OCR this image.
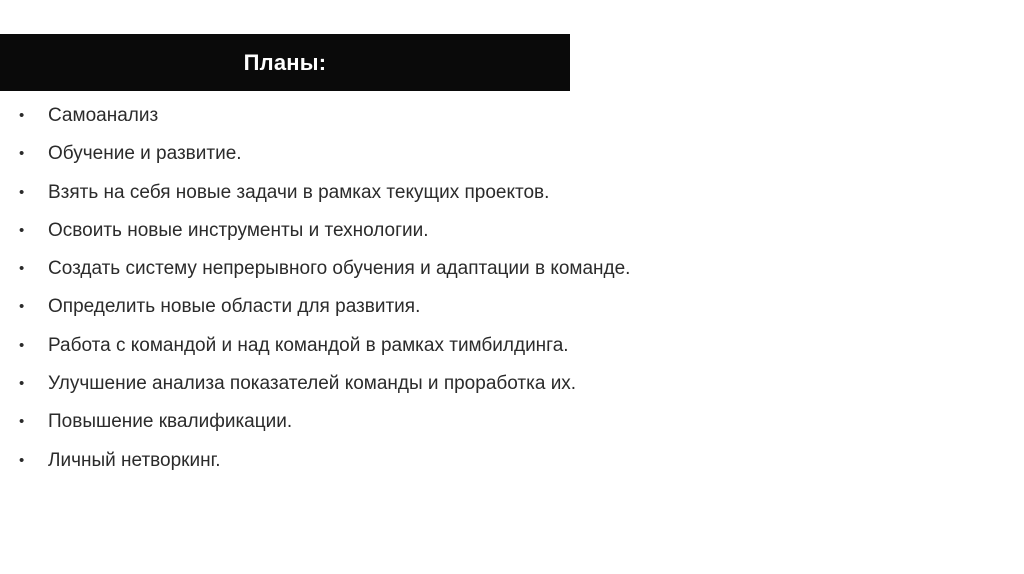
Планы:
•	Самоанализ
•	Обучение и развитие.
•	Взять на себя новые задачи в рамках текущих проектов.
•	Освоить новые инструменты и технологии.
•	Создать систему непрерывного обучения и адаптации в команде.
•	Определить новые области для развития.
•	Работа с командой и над командой в рамках тимбилдинга.
•	Улучшение анализа показателей команды и проработка их.
•	Повышение квалификации.
•	Личный нетворкинг.
